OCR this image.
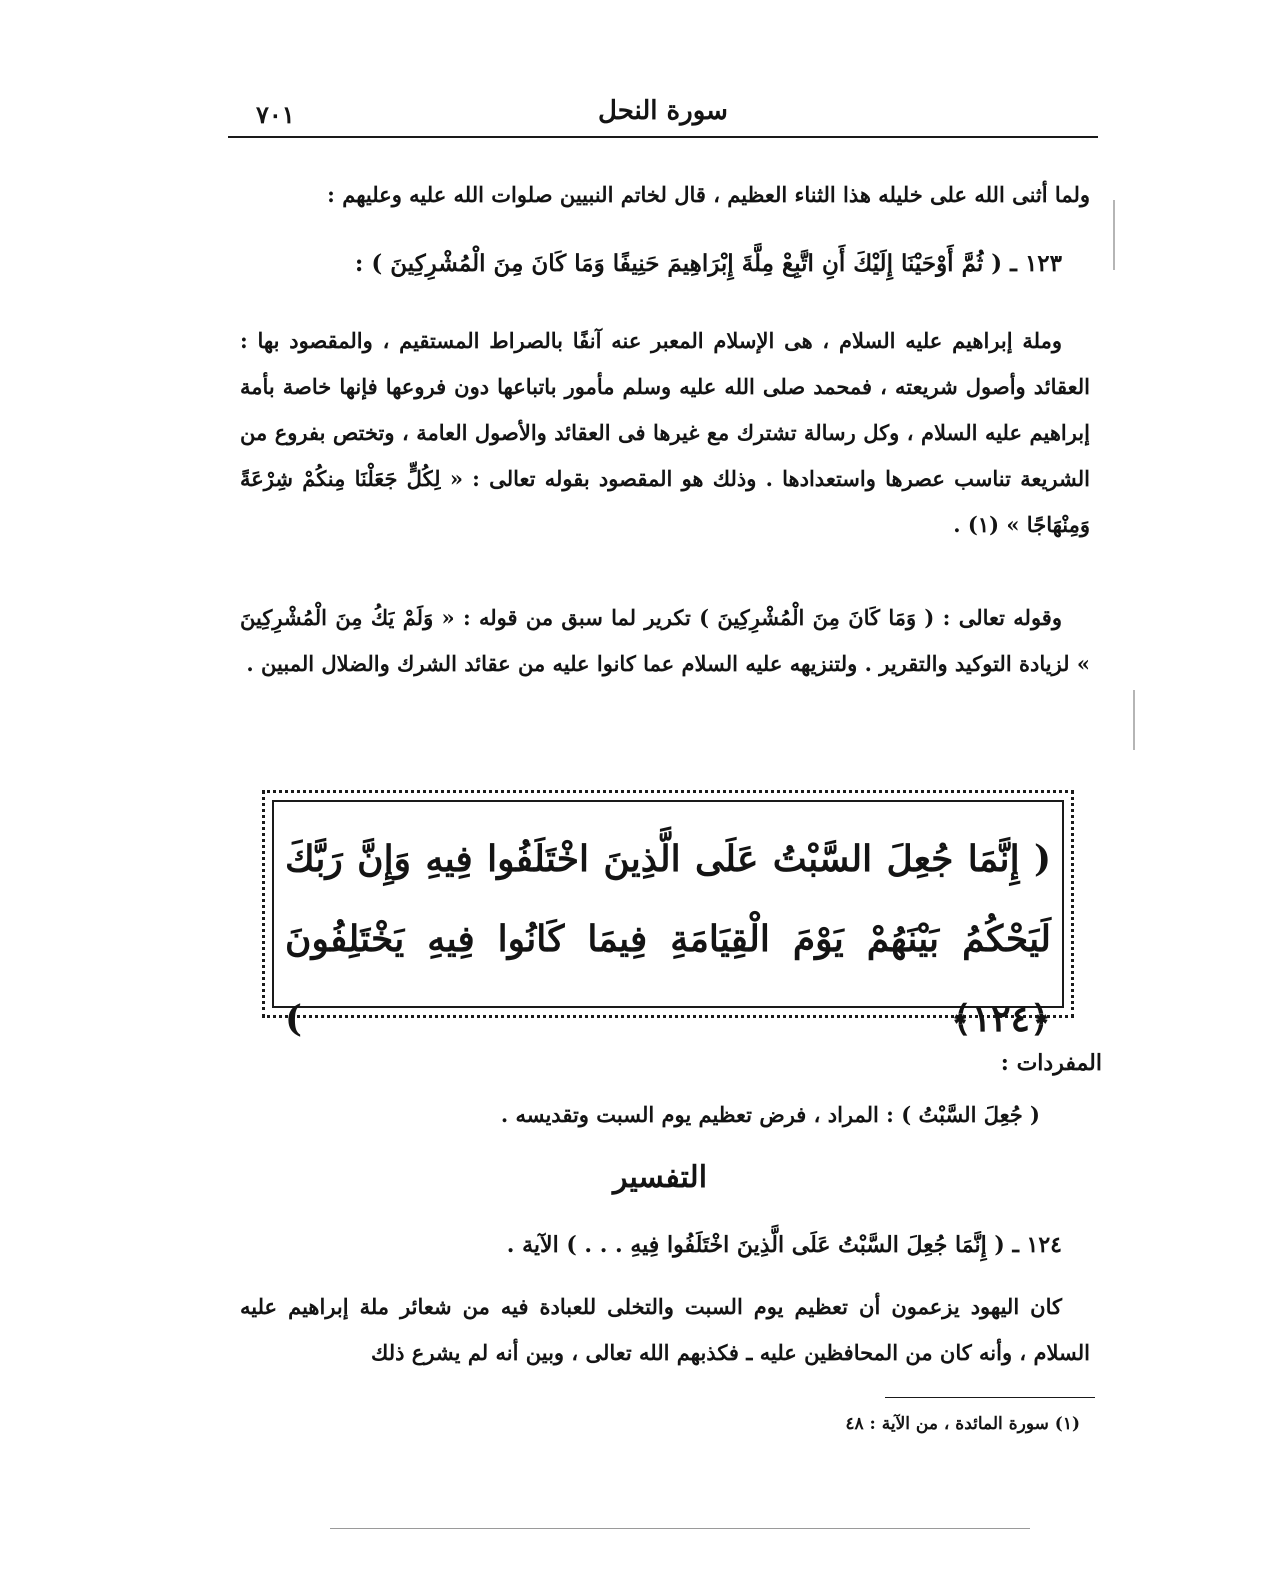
سورة النحل
٧٠١
ولما أثنى الله على خليله هذا الثناء العظيم ، قال لخاتم النبيين صلوات الله عليه وعليهم :
١٢٣ ـ ( ثُمَّ أَوْحَيْنَا إِلَيْكَ أَنِ اتَّبِعْ مِلَّةَ إِبْرَاهِيمَ حَنِيفًا وَمَا كَانَ مِنَ الْمُشْرِكِينَ ) :
وملة إبراهيم عليه السلام ، هى الإسلام المعبر عنه آنفًا بالصراط المستقيم ، والمقصود بها : العقائد وأصول شريعته ، فمحمد صلى الله عليه وسلم مأمور باتباعها دون فروعها فإنها خاصة بأمة إبراهيم عليه السلام ، وكل رسالة تشترك مع غيرها فى العقائد والأصول العامة ، وتختص بفروع من الشريعة تناسب عصرها واستعدادها . وذلك هو المقصود بقوله تعالى : « لِكُلٍّ جَعَلْنَا مِنكُمْ شِرْعَةً وَمِنْهَاجًا » (١) .
وقوله تعالى : ( وَمَا كَانَ مِنَ الْمُشْرِكِينَ ) تكرير لما سبق من قوله : « وَلَمْ يَكُ مِنَ الْمُشْرِكِينَ » لزيادة التوكيد والتقرير . ولتنزيهه عليه السلام عما كانوا عليه من عقائد الشرك والضلال المبين .
( إِنَّمَا جُعِلَ السَّبْتُ عَلَى الَّذِينَ اخْتَلَفُوا فِيهِ وَإِنَّ رَبَّكَ
لَيَحْكُمُ بَيْنَهُمْ يَوْمَ الْقِيَامَةِ فِيمَا كَانُوا فِيهِ يَخْتَلِفُونَ ﴿١٢٤﴾ )
المفردات :
( جُعِلَ السَّبْتُ ) : المراد ، فرض تعظيم يوم السبت وتقديسه .
التفسير
١٢٤ ـ ( إِنَّمَا جُعِلَ السَّبْتُ عَلَى الَّذِينَ اخْتَلَفُوا فِيهِ . . . ) الآية .
كان اليهود يزعمون أن تعظيم يوم السبت والتخلى للعبادة فيه من شعائر ملة إبراهيم عليه السلام ، وأنه كان من المحافظين عليه ـ فكذبهم الله تعالى ، وبين أنه لم يشرع ذلك
(١) سورة المائدة ، من الآية : ٤٨
